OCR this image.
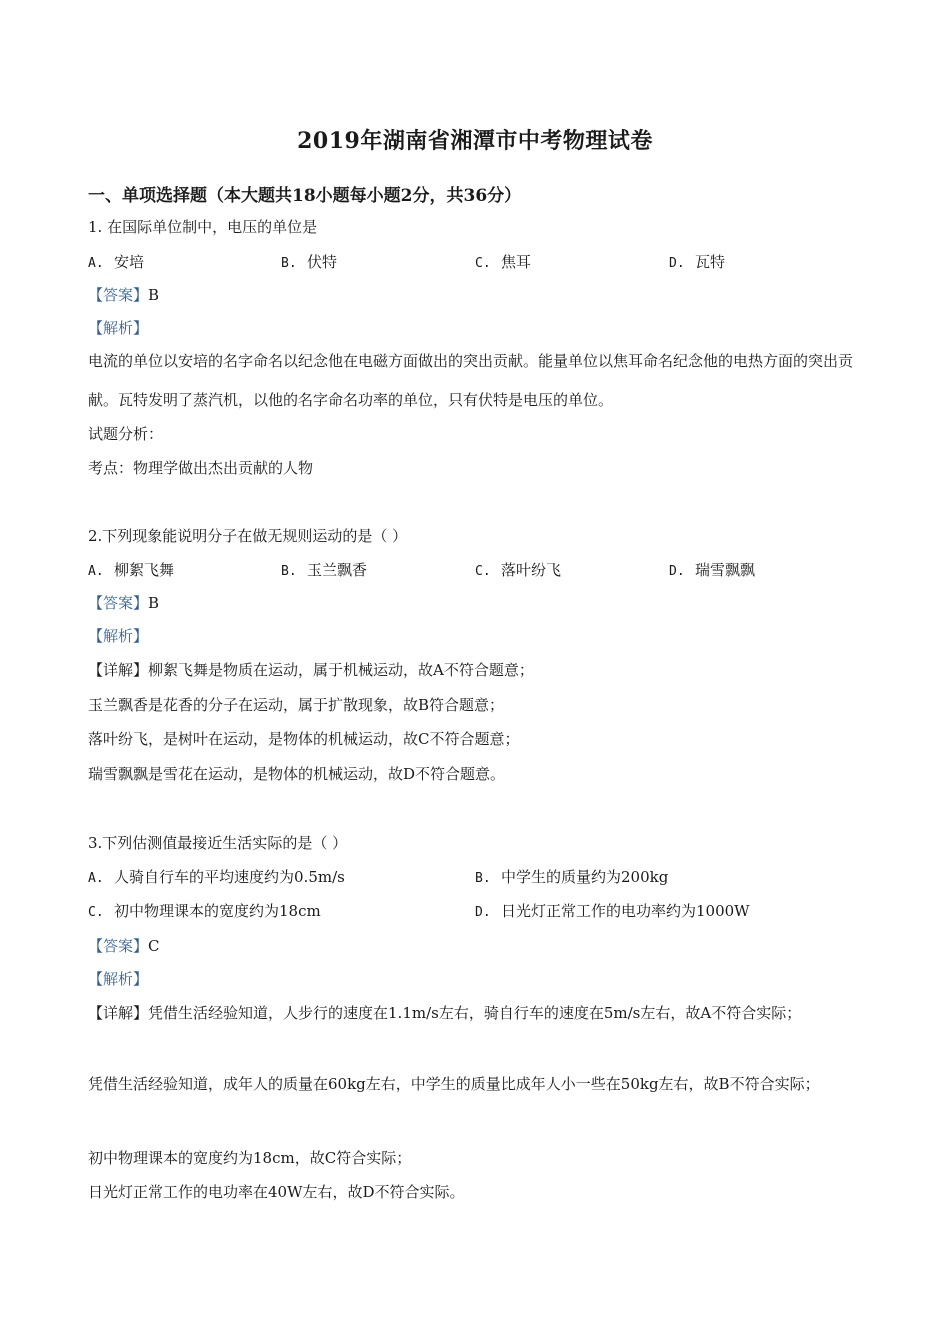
2019年湖南省湘潭市中考物理试卷
一、单项选择题（本大题共18小题每小题2分，共36分）
1. 在国际单位制中，电压的单位是
A. 安培	B. 伏特	C. 焦耳	D. 瓦特
【答案】B
【解析】
电流的单位以安培的名字命名以纪念他在电磁方面做出的突出贡献。能量单位以焦耳命名纪念他的电热方面的突出贡献。瓦特发明了蒸汽机，以他的名字命名功率的单位，只有伏特是电压的单位。
试题分析：
考点：物理学做出杰出贡献的人物
2.下列现象能说明分子在做无规则运动的是（ ）
A. 柳絮飞舞	B. 玉兰飘香	C. 落叶纷飞	D. 瑞雪飘飘
【答案】B
【解析】
【详解】柳絮飞舞是物质在运动，属于机械运动，故A不符合题意；
玉兰飘香是花香的分子在运动，属于扩散现象，故B符合题意；
落叶纷飞，是树叶在运动，是物体的机械运动，故C不符合题意；
瑞雪飘飘是雪花在运动，是物体的机械运动，故D不符合题意。
3.下列估测值最接近生活实际的是（ ）
A. 人骑自行车的平均速度约为0.5m/s	B. 中学生的质量约为200kg
C. 初中物理课本的宽度约为18cm	D. 日光灯正常工作的电功率约为1000W
【答案】C
【解析】
【详解】凭借生活经验知道，人步行的速度在1.1m/s左右，骑自行车的速度在5m/s左右，故A不符合实际；
凭借生活经验知道，成年人的质量在60kg左右，中学生的质量比成年人小一些在50kg左右，故B不符合实际；
初中物理课本的宽度约为18cm，故C符合实际；
日光灯正常工作的电功率在40W左右，故D不符合实际。
